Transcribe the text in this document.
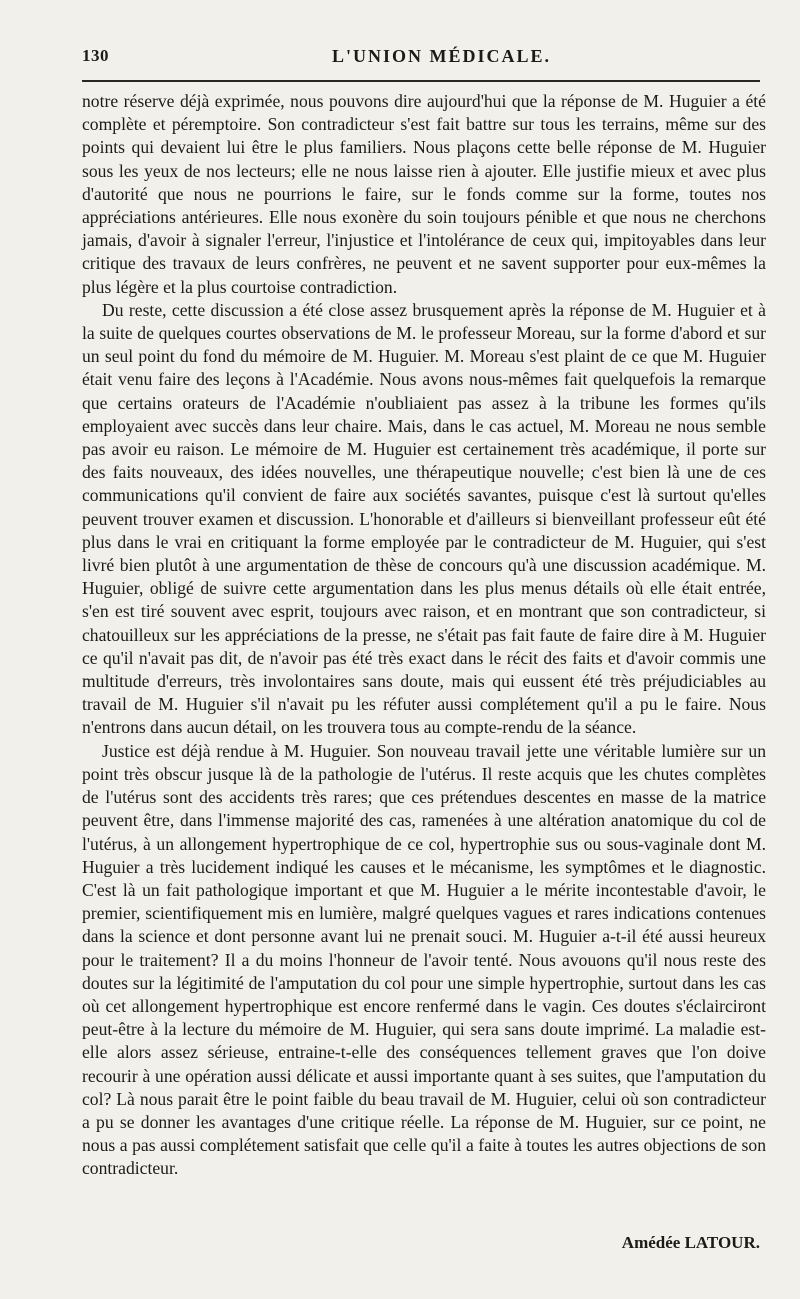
130	L'UNION MÉDICALE.

notre réserve déjà exprimée, nous pouvons dire aujourd'hui que la réponse de M. Huguier a été complète et péremptoire. Son contradicteur s'est fait battre sur tous les terrains, même sur des points qui devaient lui être le plus familiers. Nous plaçons cette belle réponse de M. Huguier sous les yeux de nos lecteurs; elle ne nous laisse rien à ajouter. Elle justifie mieux et avec plus d'autorité que nous ne pourrions le faire, sur le fonds comme sur la forme, toutes nos appréciations antérieures. Elle nous exonère du soin toujours pénible et que nous ne cherchons jamais, d'avoir à signaler l'erreur, l'injustice et l'intolérance de ceux qui, impitoyables dans leur critique des travaux de leurs confrères, ne peuvent et ne savent supporter pour eux-mêmes la plus légère et la plus courtoise contradiction.

Du reste, cette discussion a été close assez brusquement après la réponse de M. Huguier et à la suite de quelques courtes observations de M. le professeur Moreau, sur la forme d'abord et sur un seul point du fond du mémoire de M. Huguier. M. Moreau s'est plaint de ce que M. Huguier était venu faire des leçons à l'Académie. Nous avons nous-mêmes fait quelquefois la remarque que certains orateurs de l'Académie n'oubliaient pas assez à la tribune les formes qu'ils employaient avec succès dans leur chaire. Mais, dans le cas actuel, M. Moreau ne nous semble pas avoir eu raison. Le mémoire de M. Huguier est certainement très académique, il porte sur des faits nouveaux, des idées nouvelles, une thérapeutique nouvelle; c'est bien là une de ces communications qu'il convient de faire aux sociétés savantes, puisque c'est là surtout qu'elles peuvent trouver examen et discussion. L'honorable et d'ailleurs si bienveillant professeur eût été plus dans le vrai en critiquant la forme employée par le contradicteur de M. Huguier, qui s'est livré bien plutôt à une argumentation de thèse de concours qu'à une discussion académique. M. Huguier, obligé de suivre cette argumentation dans les plus menus détails où elle était entrée, s'en est tiré souvent avec esprit, toujours avec raison, et en montrant que son contradicteur, si chatouilleux sur les appréciations de la presse, ne s'était pas fait faute de faire dire à M. Huguier ce qu'il n'avait pas dit, de n'avoir pas été très exact dans le récit des faits et d'avoir commis une multitude d'erreurs, très involontaires sans doute, mais qui eussent été très préjudiciables au travail de M. Huguier s'il n'avait pu les réfuter aussi complétement qu'il a pu le faire. Nous n'entrons dans aucun détail, on les trouvera tous au compte-rendu de la séance.

Justice est déjà rendue à M. Huguier. Son nouveau travail jette une véritable lumière sur un point très obscur jusque là de la pathologie de l'utérus. Il reste acquis que les chutes complètes de l'utérus sont des accidents très rares; que ces prétendues descentes en masse de la matrice peuvent être, dans l'immense majorité des cas, ramenées à une altération anatomique du col de l'utérus, à un allongement hypertrophique de ce col, hypertrophie sus ou sous-vaginale dont M. Huguier a très lucidement indiqué les causes et le mécanisme, les symptômes et le diagnostic. C'est là un fait pathologique important et que M. Huguier a le mérite incontestable d'avoir, le premier, scientifiquement mis en lumière, malgré quelques vagues et rares indications contenues dans la science et dont personne avant lui ne prenait souci. M. Huguier a-t-il été aussi heureux pour le traitement? Il a du moins l'honneur de l'avoir tenté. Nous avouons qu'il nous reste des doutes sur la légitimité de l'amputation du col pour une simple hypertrophie, surtout dans les cas où cet allongement hypertrophique est encore renfermé dans le vagin. Ces doutes s'éclairciront peut-être à la lecture du mémoire de M. Huguier, qui sera sans doute imprimé. La maladie est-elle alors assez sérieuse, entraine-t-elle des conséquences tellement graves que l'on doive recourir à une opération aussi délicate et aussi importante quant à ses suites, que l'amputation du col? Là nous parait être le point faible du beau travail de M. Huguier, celui où son contradicteur a pu se donner les avantages d'une critique réelle. La réponse de M. Huguier, sur ce point, ne nous a pas aussi complétement satisfait que celle qu'il a faite à toutes les autres objections de son contradicteur.

Amédée LATOUR.
